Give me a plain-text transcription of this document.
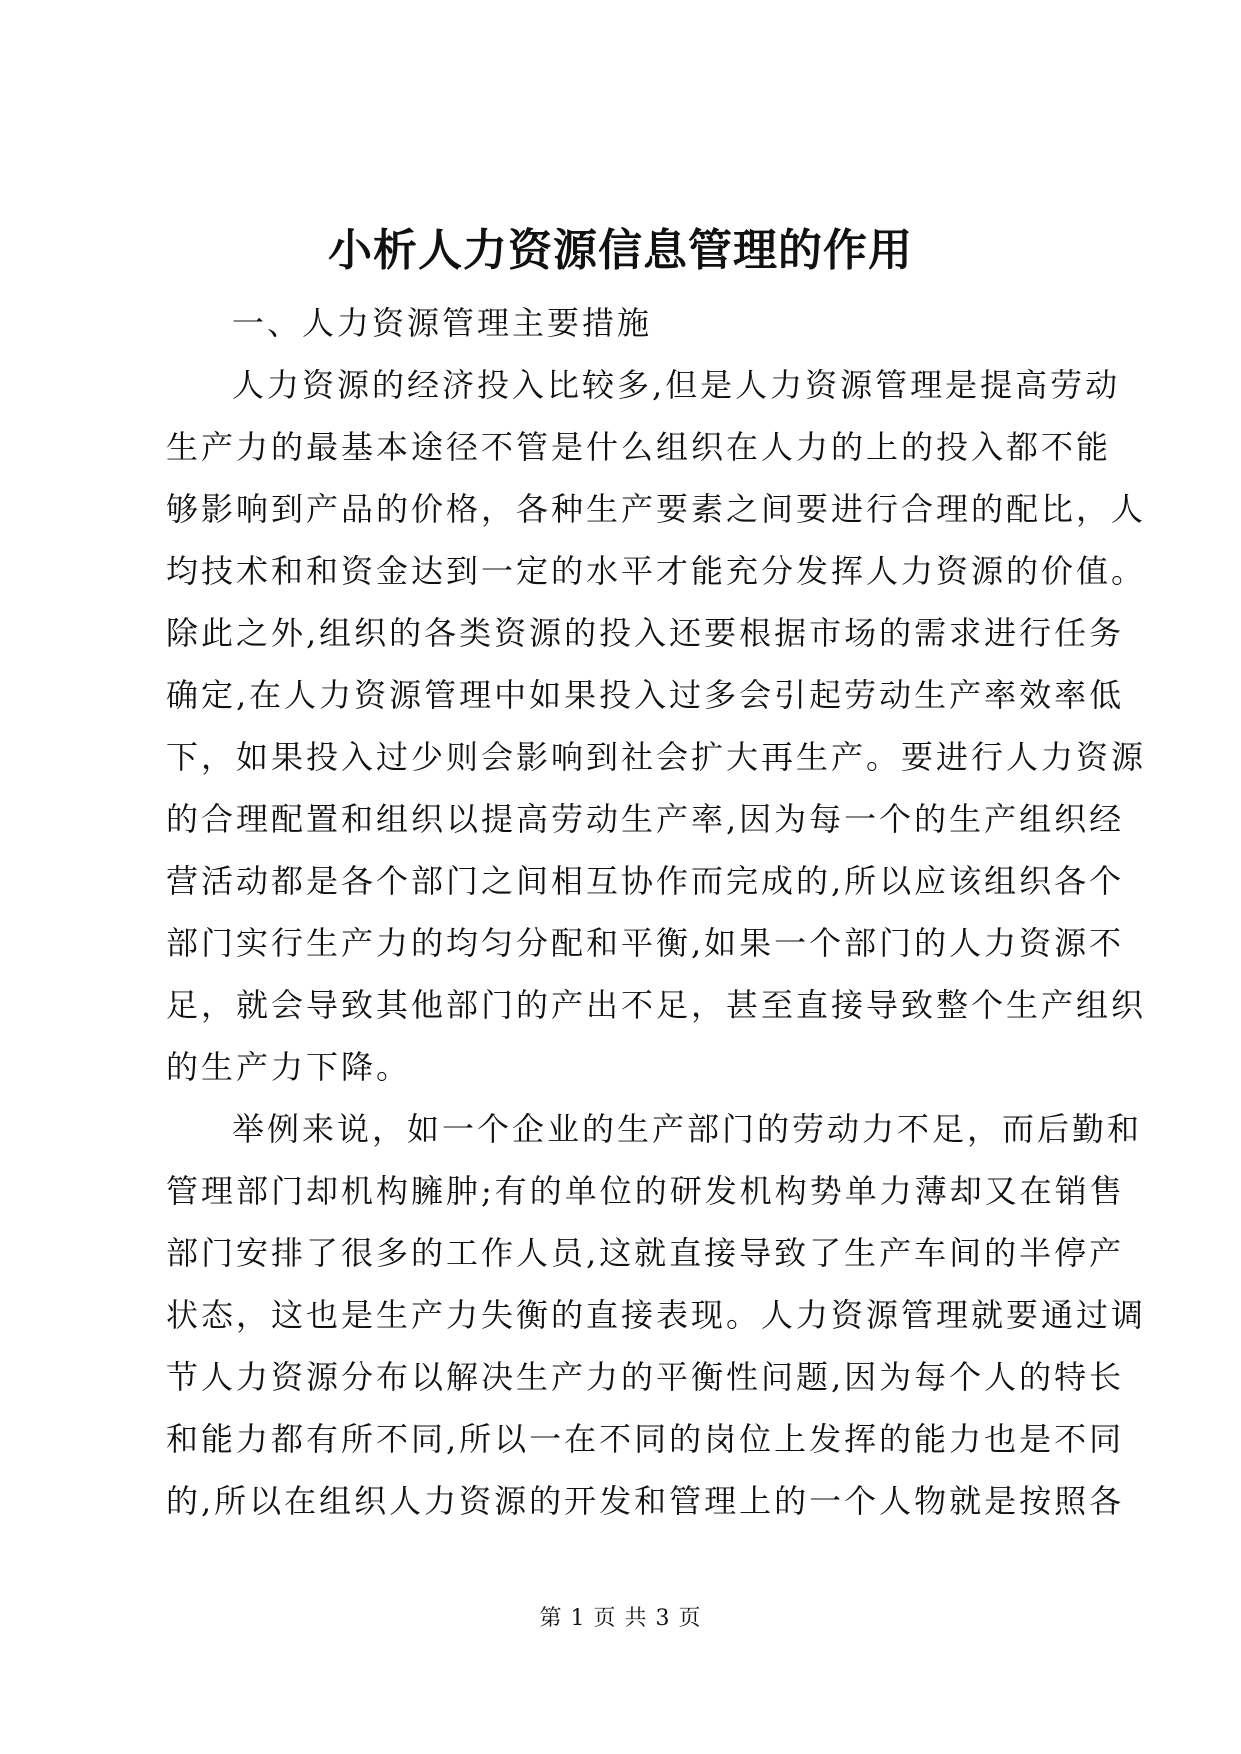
小析人力资源信息管理的作用
一、人力资源管理主要措施
人力资源的经济投入比较多,但是人力资源管理是提高劳动
生产力的最基本途径不管是什么组织在人力的上的投入都不能
够影响到产品的价格，各种生产要素之间要进行合理的配比，人
均技术和和资金达到一定的水平才能充分发挥人力资源的价值。
除此之外,组织的各类资源的投入还要根据市场的需求进行任务
确定,在人力资源管理中如果投入过多会引起劳动生产率效率低
下，如果投入过少则会影响到社会扩大再生产。要进行人力资源
的合理配置和组织以提高劳动生产率,因为每一个的生产组织经
营活动都是各个部门之间相互协作而完成的,所以应该组织各个
部门实行生产力的均匀分配和平衡,如果一个部门的人力资源不
足，就会导致其他部门的产出不足，甚至直接导致整个生产组织
的生产力下降。
举例来说，如一个企业的生产部门的劳动力不足，而后勤和
管理部门却机构臃肿;有的单位的研发机构势单力薄却又在销售
部门安排了很多的工作人员,这就直接导致了生产车间的半停产
状态，这也是生产力失衡的直接表现。人力资源管理就要通过调
节人力资源分布以解决生产力的平衡性问题,因为每个人的特长
和能力都有所不同,所以一在不同的岗位上发挥的能力也是不同
的,所以在组织人力资源的开发和管理上的一个人物就是按照各
第 1 页 共 3 页
